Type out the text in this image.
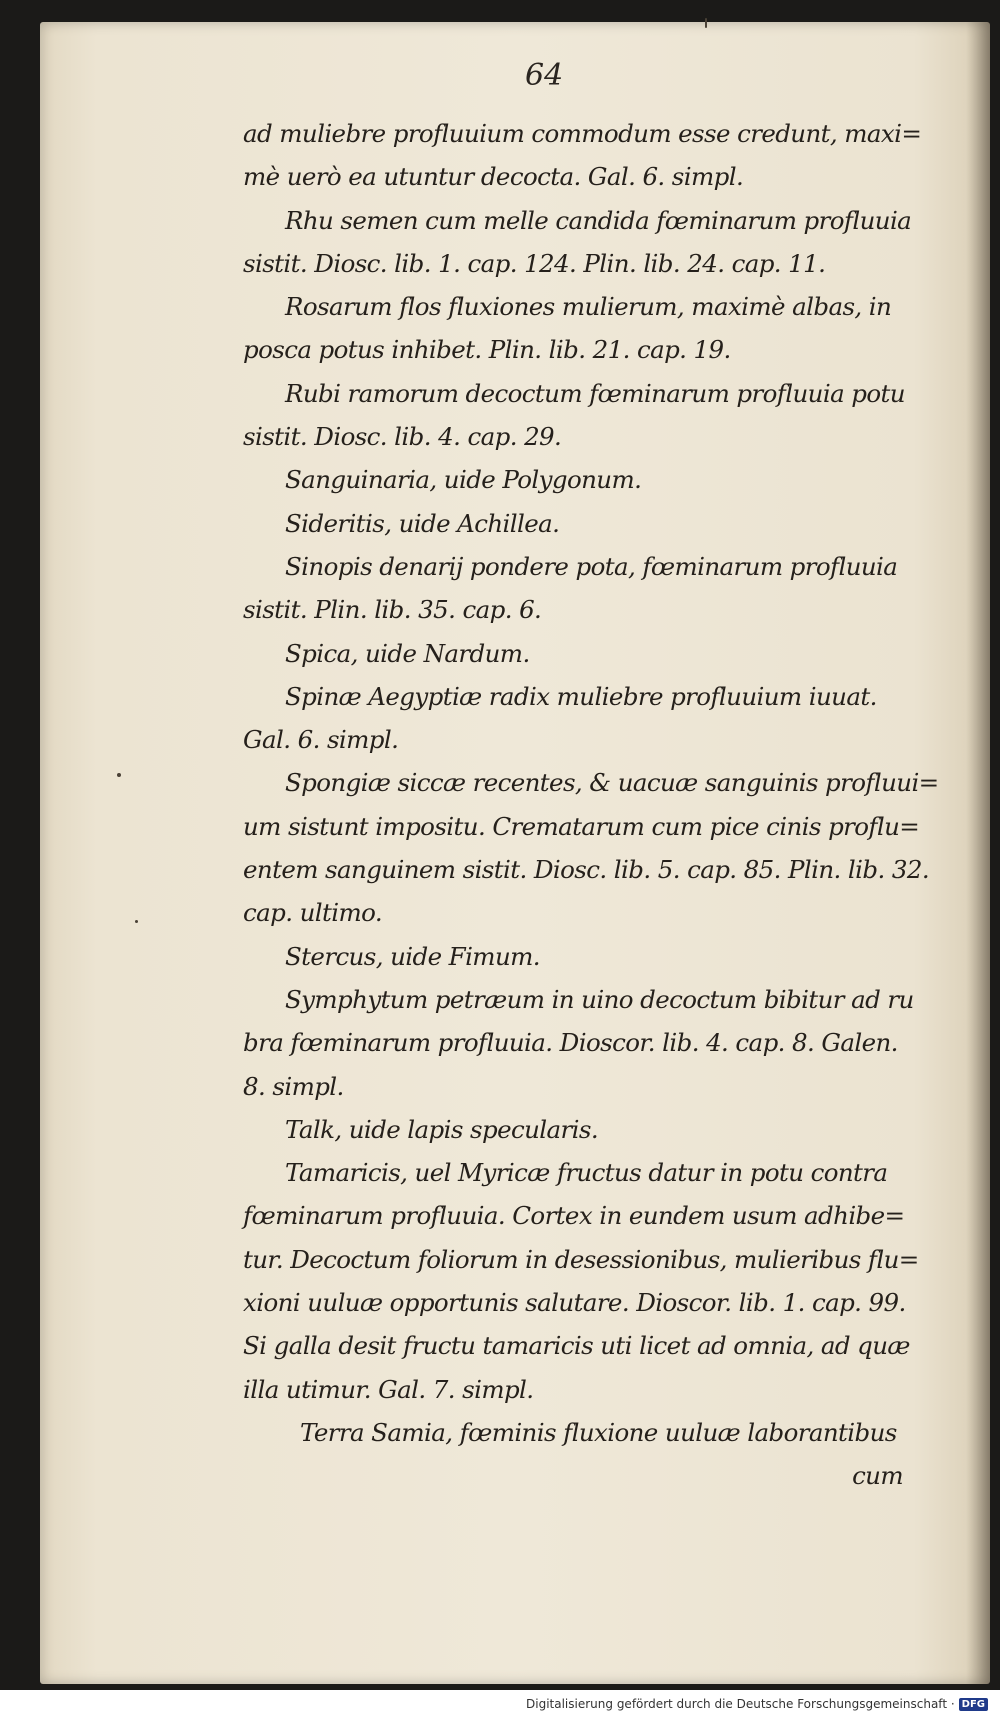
64
ad muliebre profluuium commodum esse credunt, maxi=
mè uerò ea utuntur decocta. Gal. 6. simpl.
Rhu semen cum melle candida fœminarum profluuia
sistit. Diosc. lib. 1. cap. 124. Plin. lib. 24. cap. 11.
Rosarum flos fluxiones mulierum, maximè albas, in
posca potus inhibet. Plin. lib. 21. cap. 19.
Rubi ramorum decoctum fœminarum profluuia potu
sistit. Diosc. lib. 4. cap. 29.
Sanguinaria, uide Polygonum.
Sideritis, uide Achillea.
Sinopis denarij pondere pota, fœminarum profluuia
sistit. Plin. lib. 35. cap. 6.
Spica, uide Nardum.
Spinæ Aegyptiæ radix muliebre profluuium iuuat.
Gal. 6. simpl.
Spongiæ siccæ recentes, & uacuæ sanguinis profluui=
um sistunt impositu. Crematarum cum pice cinis proflu=
entem sanguinem sistit. Diosc. lib. 5. cap. 85. Plin. lib. 32.
cap. ultimo.
Stercus, uide Fimum.
Symphytum petræum in uino decoctum bibitur ad ru
bra fœminarum profluuia. Dioscor. lib. 4. cap. 8. Galen.
8. simpl.
Talk, uide lapis specularis.
Tamaricis, uel Myricæ fructus datur in potu contra
fœminarum profluuia. Cortex in eundem usum adhibe=
tur. Decoctum foliorum in desessionibus, mulieribus flu=
xioni uuluæ opportunis salutare. Dioscor. lib. 1. cap. 99.
Si galla desit fructu tamaricis uti licet ad omnia, ad quæ
illa utimur. Gal. 7. simpl.
Terra Samia, fœminis fluxione uuluæ laborantibus
cum
Digitalisierung gefördert durch die Deutsche Forschungsgemeinschaft · DFG
